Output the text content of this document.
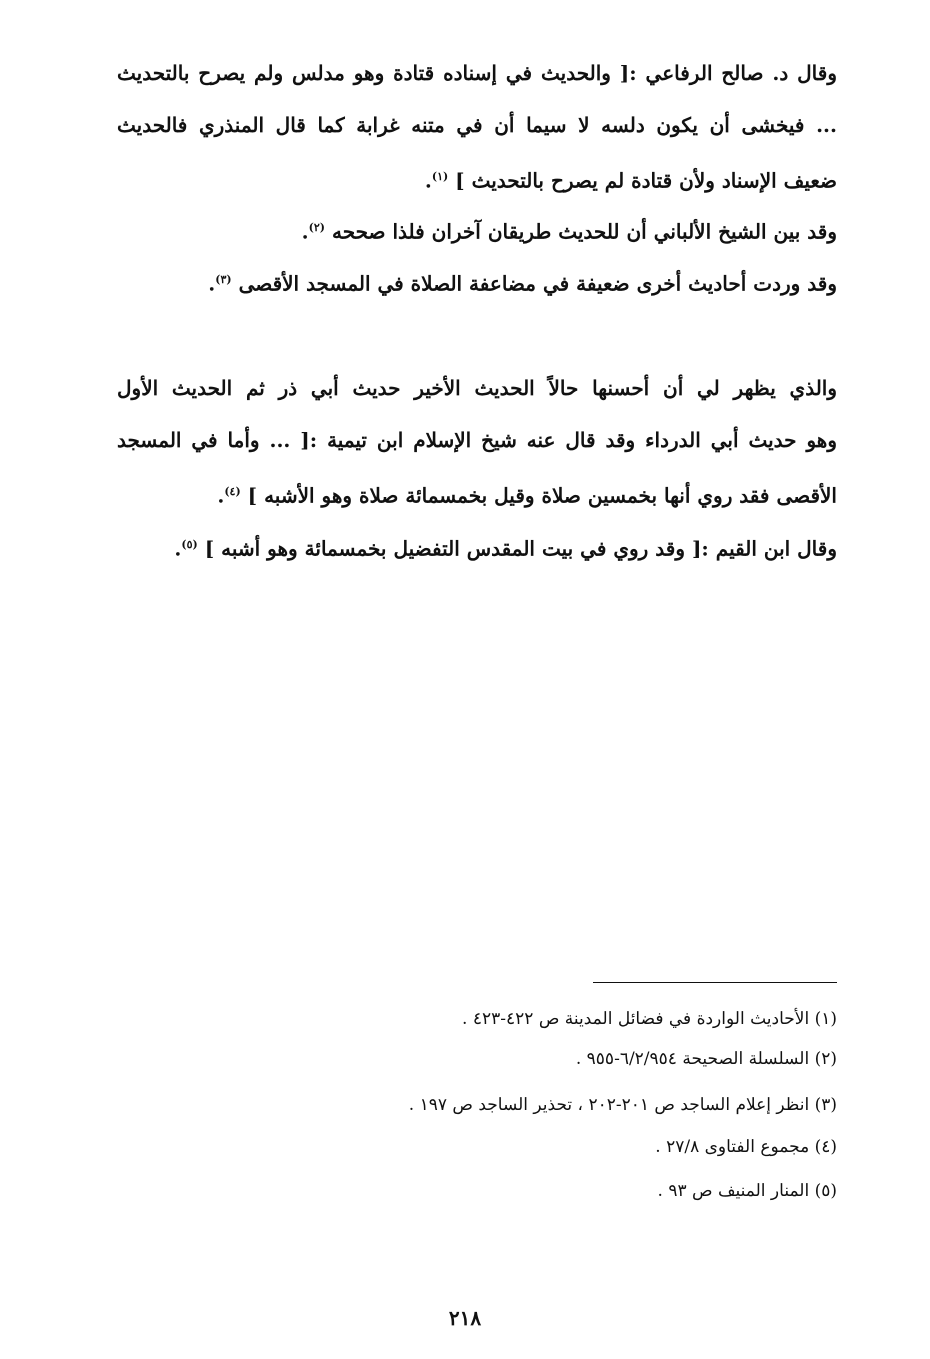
وقال د. صالح الرفاعي :[ والحديث في إسناده قتادة وهو مدلس ولم يصرح بالتحديث
... فيخشى أن يكون دلسه لا سيما أن في متنه غرابة كما قال المنذري فالحديث
ضعيف الإسناد ولأن قتادة لم يصرح بالتحديث ] $^{(١)}$.
وقد بين الشيخ الألباني أن للحديث طريقان آخران فلذا صححه $^{(٢)}$.
وقد وردت أحاديث أخرى ضعيفة في مضاعفة الصلاة في المسجد الأقصى $^{(٣)}$.
والذي يظهر لي أن أحسنها حالاً الحديث الأخير حديث أبي ذر ثم الحديث الأول
وهو حديث أبي الدرداء وقد قال عنه شيخ الإسلام ابن تيمية :[ ... وأما في المسجد
الأقصى فقد روي أنها بخمسين صلاة وقيل بخمسمائة صلاة وهو الأشبه ] $^{(٤)}$.
وقال ابن القيم :[ وقد روي في بيت المقدس التفضيل بخمسمائة وهو أشبه ] $^{(٥)}$.
(١) الأحاديث الواردة في فضائل المدينة ص ٤٢٢-٤٢٣ .
(٢) السلسلة الصحيحة ٦/٢/٩٥٤-٩٥٥ .
(٣) انظر إعلام الساجد ص ٢٠١-٢٠٢ ، تحذير الساجد ص ١٩٧ .
(٤) مجموع الفتاوى ٢٧/٨ .
(٥) المنار المنيف ص ٩٣ .
٢١٨
